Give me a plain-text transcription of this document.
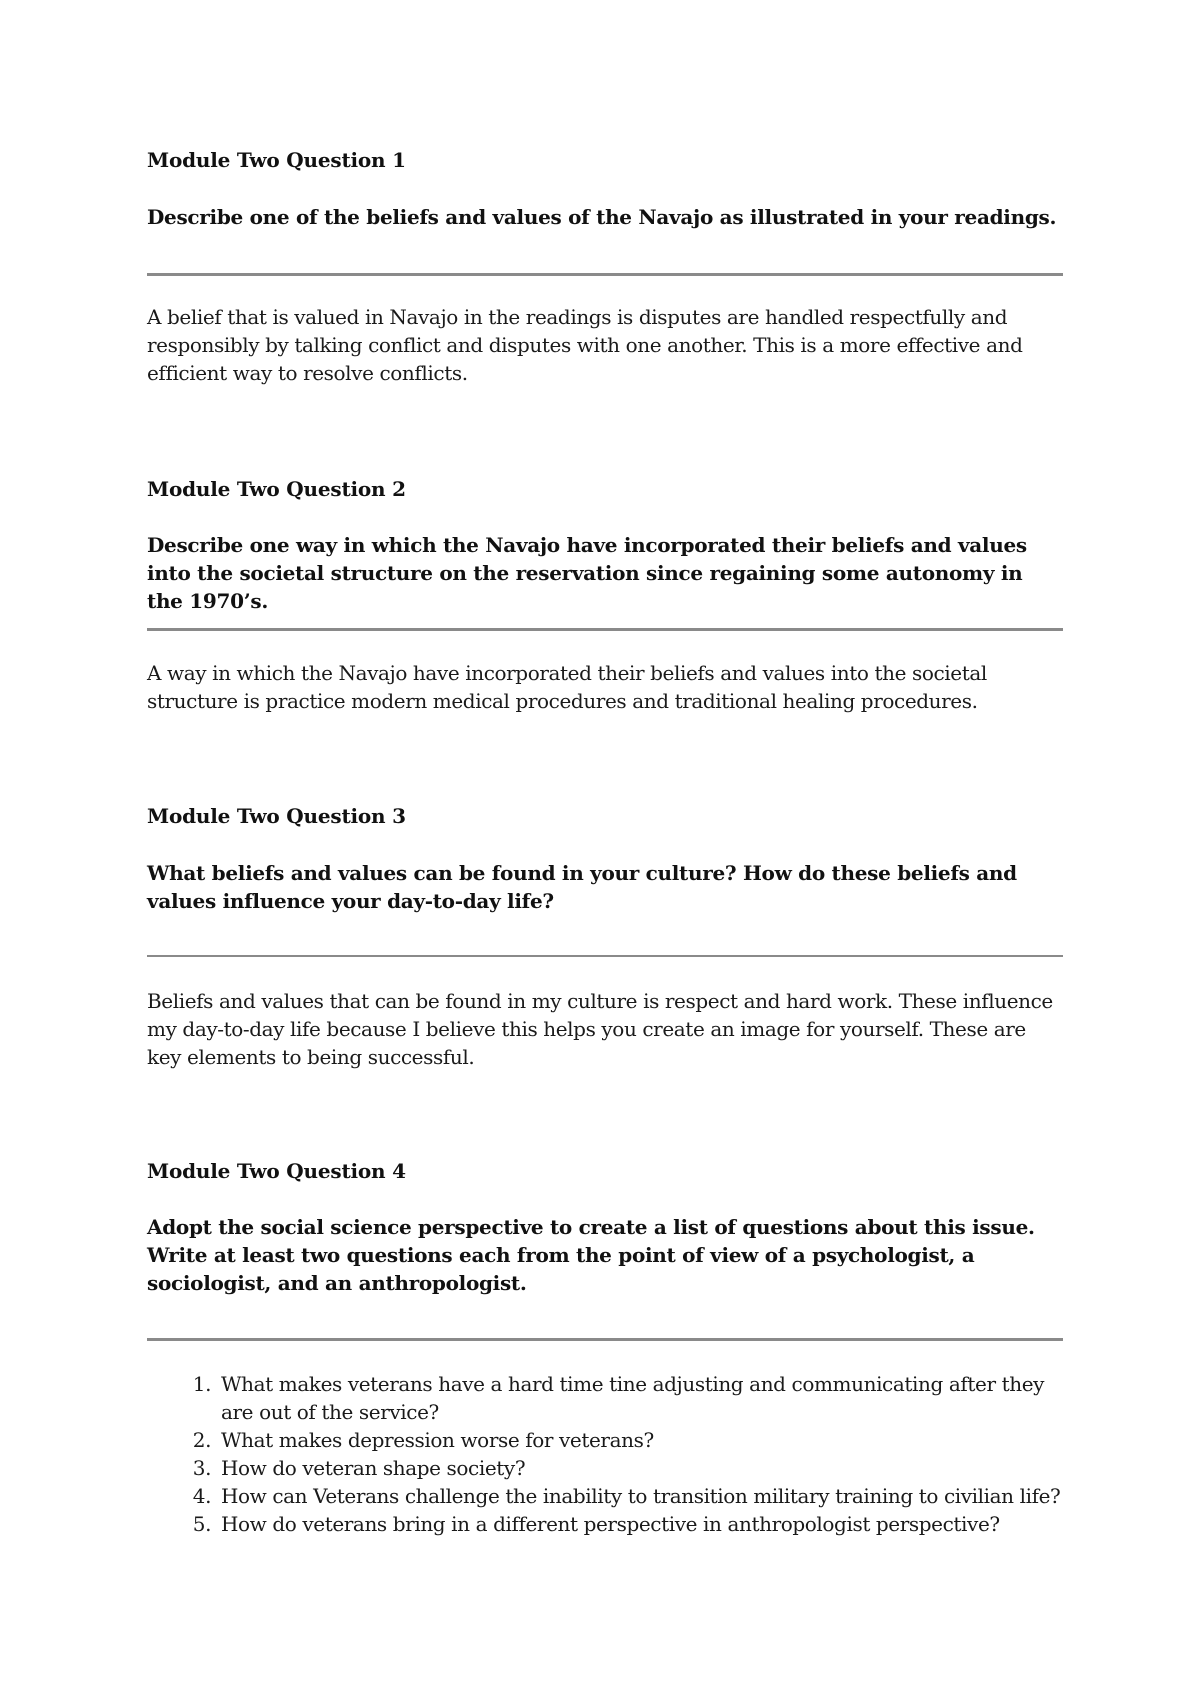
Module Two Question 1

Describe one of the beliefs and values of the Navajo as illustrated in your readings.

A belief that is valued in Navajo in the readings is disputes are handled respectfully and responsibly by talking conflict and disputes with one another. This is a more effective and efficient way to resolve conflicts.

Module Two Question 2

Describe one way in which the Navajo have incorporated their beliefs and values into the societal structure on the reservation since regaining some autonomy in the 1970’s.

A way in which the Navajo have incorporated their beliefs and values into the societal structure is practice modern medical procedures and traditional healing procedures.

Module Two Question 3

What beliefs and values can be found in your culture? How do these beliefs and values influence your day-to-day life?

Beliefs and values that can be found in my culture is respect and hard work. These influence my day-to-day life because I believe this helps you create an image for yourself. These are key elements to being successful.

Module Two Question 4

Adopt the social science perspective to create a list of questions about this issue. Write at least two questions each from the point of view of a psychologist, a sociologist, and an anthropologist.

1. What makes veterans have a hard time tine adjusting and communicating after they are out of the service?
2. What makes depression worse for veterans?
3. How do veteran shape society?
4. How can Veterans challenge the inability to transition military training to civilian life?
5. How do veterans bring in a different perspective in anthropologist perspective?
